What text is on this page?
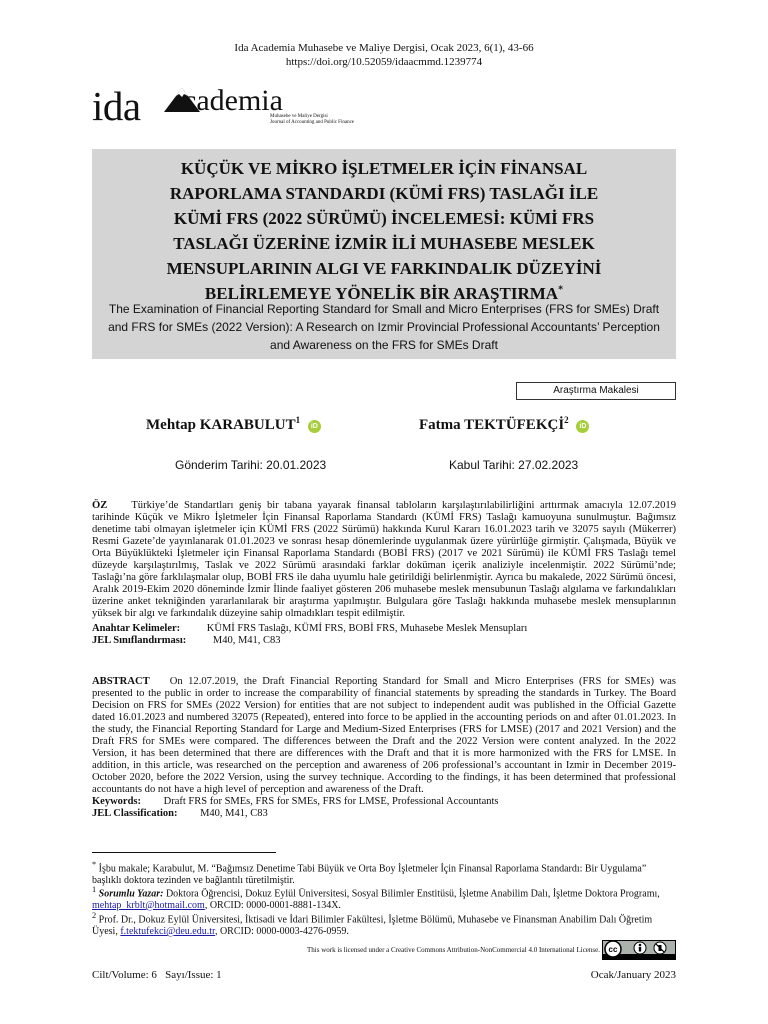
Ida Academia Muhasebe ve Maliye Dergisi, Ocak 2023, 6(1), 43-66
https://doi.org/10.52059/idaacmmd.1239774
ida cademia
Muhasebe ve Maliye Dergisi
Journal of Accounting and Public Finance
KÜÇÜK VE MİKRO İŞLETMELER İÇİN FİNANSAL
RAPORLAMA STANDARDI (KÜMİ FRS) TASLAĞI İLE
KÜMİ FRS (2022 SÜRÜMÜ) İNCELEMESİ: KÜMİ FRS
TASLAĞI ÜZERİNE İZMİR İLİ MUHASEBE MESLEK
MENSUPLARININ ALGI VE FARKINDALIK DÜZEYİNİ
BELİRLEMEYE YÖNELİK BİR ARAŞTIRMA*
The Examination of Financial Reporting Standard for Small and Micro Enterprises (FRS for SMEs) Draft and FRS for SMEs (2022 Version): A Research on Izmir Provincial Professional Accountants’ Perception and Awareness on the FRS for SMEs Draft
Araştırma Makalesi
Mehtap KARABULUT$^1$ iD	Fatma TEKTÜFEKÇİ$^2$ iD
Gönderim Tarihi: 20.01.2023	Kabul Tarihi: 27.02.2023
ÖZ Türkiye’de Standartları geniş bir tabana yayarak finansal tabloların karşılaştırılabilirliğini arttırmak amacıyla 12.07.2019 tarihinde Küçük ve Mikro İşletmeler İçin Finansal Raporlama Standardı (KÜMİ FRS) Taslağı kamuoyuna sunulmuştur. Bağımsız denetime tabi olmayan işletmeler için KÜMİ FRS (2022 Sürümü) hakkında Kurul Kararı 16.01.2023 tarih ve 32075 sayılı (Mükerrer) Resmi Gazete’de yayınlanarak 01.01.2023 ve sonrası hesap dönemlerinde uygulanmak üzere yürürlüğe girmiştir. Çalışmada, Büyük ve Orta Büyüklükteki İşletmeler için Finansal Raporlama Standardı (BOBİ FRS) (2017 ve 2021 Sürümü) ile KÜMİ FRS Taslağı temel düzeyde karşılaştırılmış, Taslak ve 2022 Sürümü arasındaki farklar doküman içerik analiziyle incelenmiştir. 2022 Sürümü’nde; Taslağı’na göre farklılaşmalar olup, BOBİ FRS ile daha uyumlu hale getirildiği belirlenmiştir. Ayrıca bu makalede, 2022 Sürümü öncesi, Aralık 2019-Ekim 2020 döneminde İzmir İlinde faaliyet gösteren 206 muhasebe meslek mensubunun Taslağı algılama ve farkındalıkları üzerine anket tekniğinden yararlanılarak bir araştırma yapılmıştır. Bulgulara göre Taslağı hakkında muhasebe meslek mensuplarının yüksek bir algı ve farkındalık düzeyine sahip olmadıkları tespit edilmiştir.
Anahtar Kelimeler:	KÜMİ FRS Taslağı, KÜMİ FRS, BOBİ FRS, Muhasebe Meslek Mensupları
JEL Sınıflandırması:	M40, M41, C83
ABSTRACT On 12.07.2019, the Draft Financial Reporting Standard for Small and Micro Enterprises (FRS for SMEs) was presented to the public in order to increase the comparability of financial statements by spreading the standards in Turkey. The Board Decision on FRS for SMEs (2022 Version) for entities that are not subject to independent audit was published in the Official Gazette dated 16.01.2023 and numbered 32075 (Repeated), entered into force to be applied in the accounting periods on and after 01.01.2023. In the study, the Financial Reporting Standard for Large and Medium-Sized Enterprises (FRS for LMSE) (2017 and 2021 Version) and the Draft FRS for SMEs were compared. The differences between the Draft and the 2022 Version were content analyzed. In the 2022 Version, it has been determined that there are differences with the Draft and that it is more harmonized with the FRS for LMSE. In addition, in this article, was researched on the perception and awareness of 206 professional’s accountant in Izmir in December 2019-October 2020, before the 2022 Version, using the survey technique. According to the findings, it has been determined that professional accountants do not have a high level of perception and awareness of the Draft.
Keywords: Draft FRS for SMEs, FRS for SMEs, FRS for LMSE, Professional Accountants
JEL Classification: M40, M41, C83
* İşbu makale; Karabulut, M. “Bağımsız Denetime Tabi Büyük ve Orta Boy İşletmeler İçin Finansal Raporlama Standardı: Bir Uygulama” başlıklı doktora tezinden ve bağlantılı türetilmiştir.
$^1$ Sorumlu Yazar: Doktora Öğrencisi, Dokuz Eylül Üniversitesi, Sosyal Bilimler Enstitüsü, İşletme Anabilim Dalı, İşletme Doktora Programı, mehtap_krblt@hotmail.com, ORCID: 0000-0001-8881-134X.
$^2$ Prof. Dr., Dokuz Eylül Üniversitesi, İktisadi ve İdari Bilimler Fakültesi, İşletme Bölümü, Muhasebe ve Finansman Anabilim Dalı Öğretim Üyesi, f.tektufekci@deu.edu.tr, ORCID: 0000-0003-4276-0959.
This work is licensed under a Creative Commons Attribution-NonCommercial 4.0 International License. cc
Cilt/Volume: 6   Sayı/Issue: 1	Ocak/January 2023
